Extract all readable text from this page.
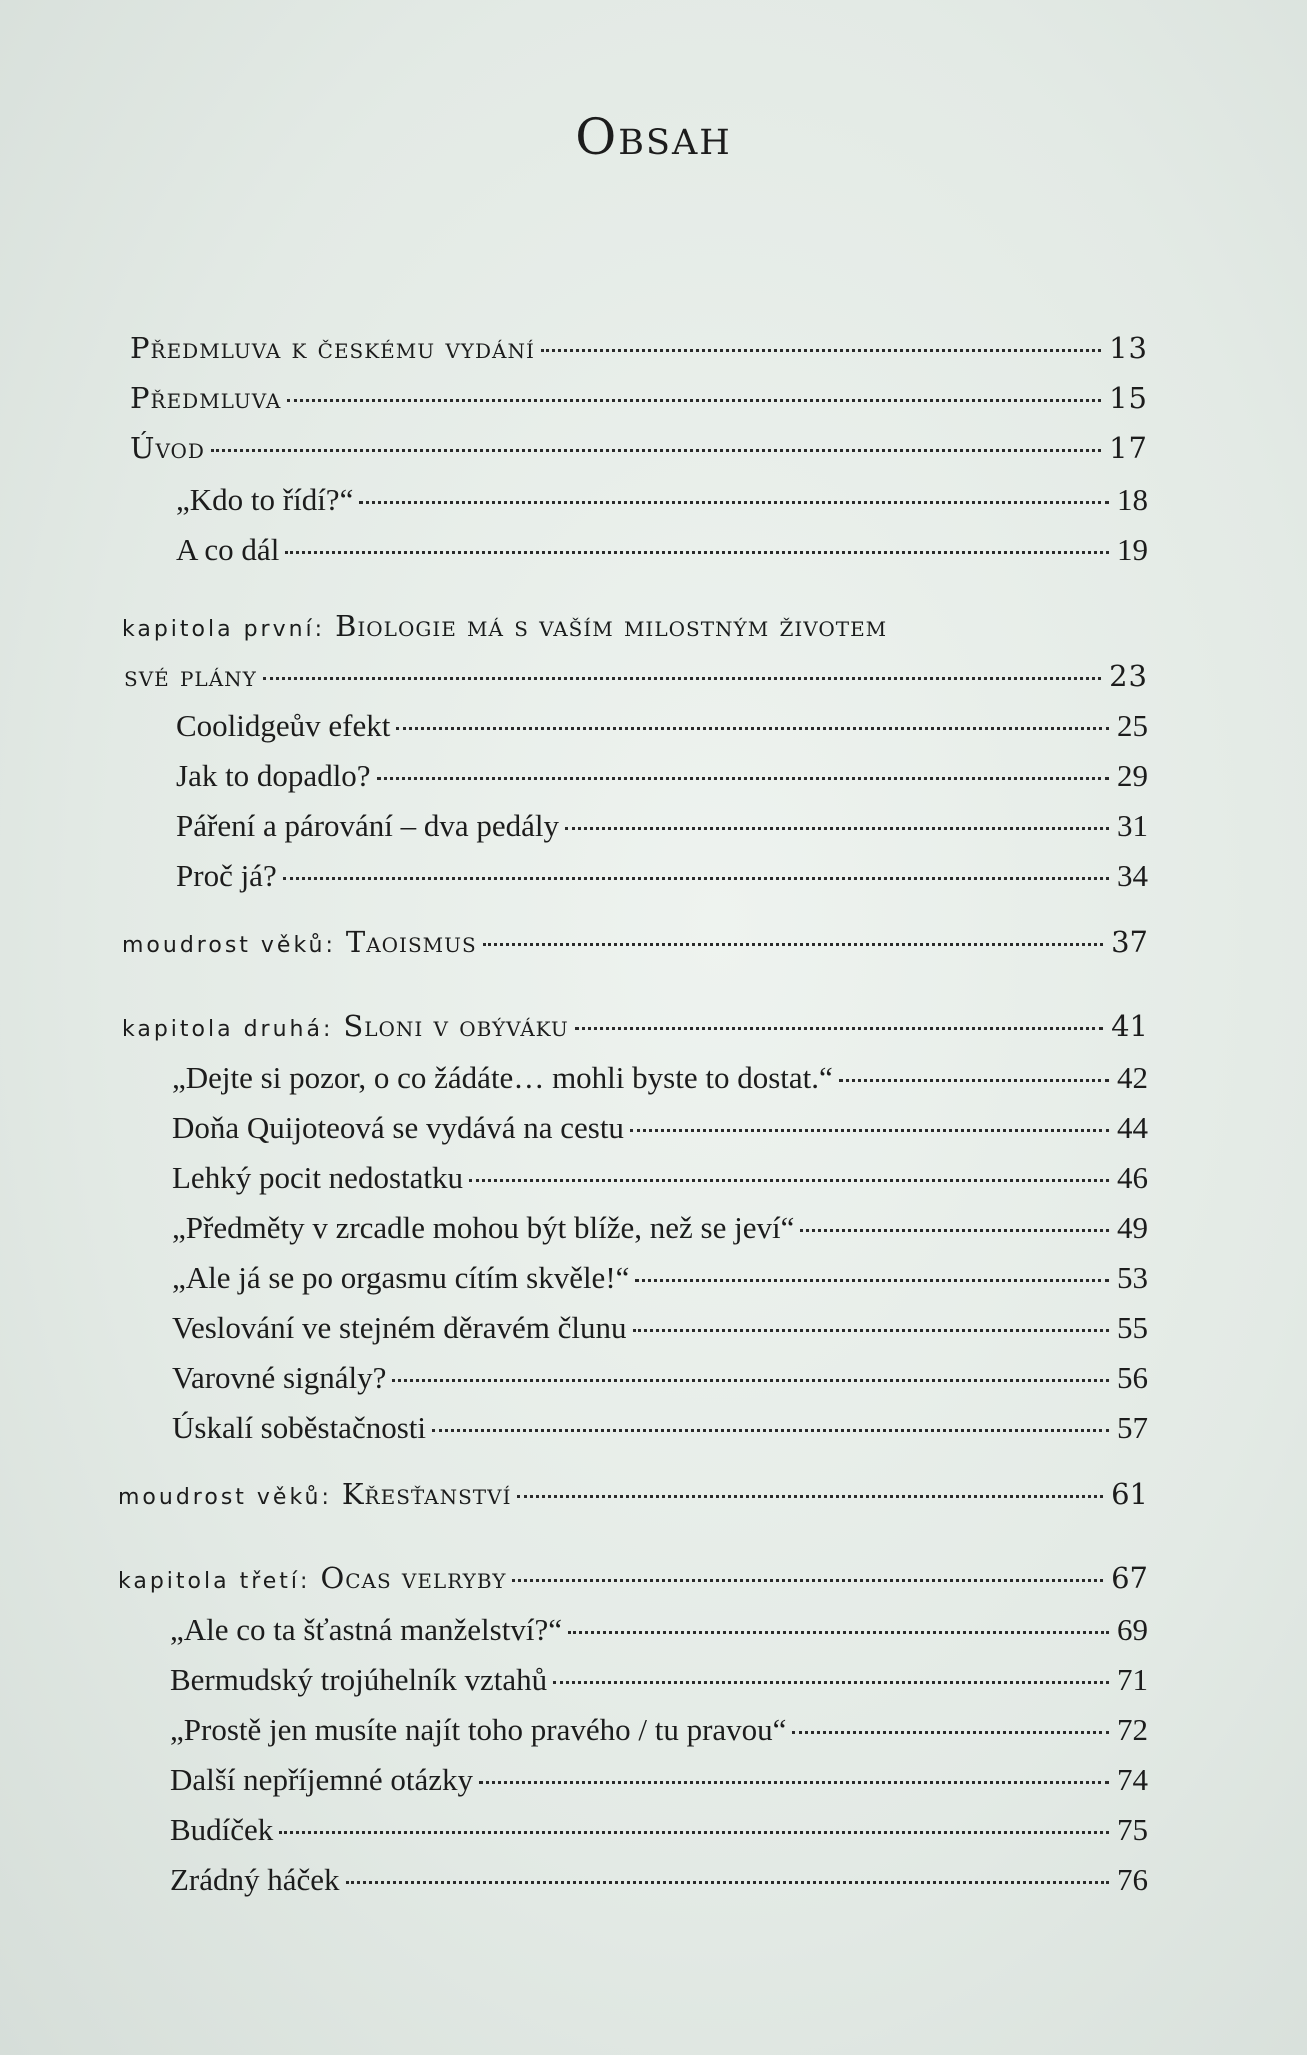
Obsah
Předmluva k českému vydání	13
Předmluva	15
Úvod	17
„Kdo to řídí?“	18
A co dál	19
kapitola první: Biologie má s vaším milostným životem
své plány	23
Coolidgeův efekt	25
Jak to dopadlo?	29
Páření a párování – dva pedály	31
Proč já?	34
moudrost věků: Taoismus	37
kapitola druhá: Sloni v obýváku	41
„Dejte si pozor, o co žádáte… mohli byste to dostat.“	42
Doňa Quijoteová se vydává na cestu	44
Lehký pocit nedostatku	46
„Předměty v zrcadle mohou být blíže, než se jeví“	49
„Ale já se po orgasmu cítím skvěle!“	53
Veslování ve stejném děravém člunu	55
Varovné signály?	56
Úskalí soběstačnosti	57
moudrost věků: Křesťanství	61
kapitola třetí: Ocas velryby	67
„Ale co ta šťastná manželství?“	69
Bermudský trojúhelník vztahů	71
„Prostě jen musíte najít toho pravého / tu pravou“	72
Další nepříjemné otázky	74
Budíček	75
Zrádný háček	76
